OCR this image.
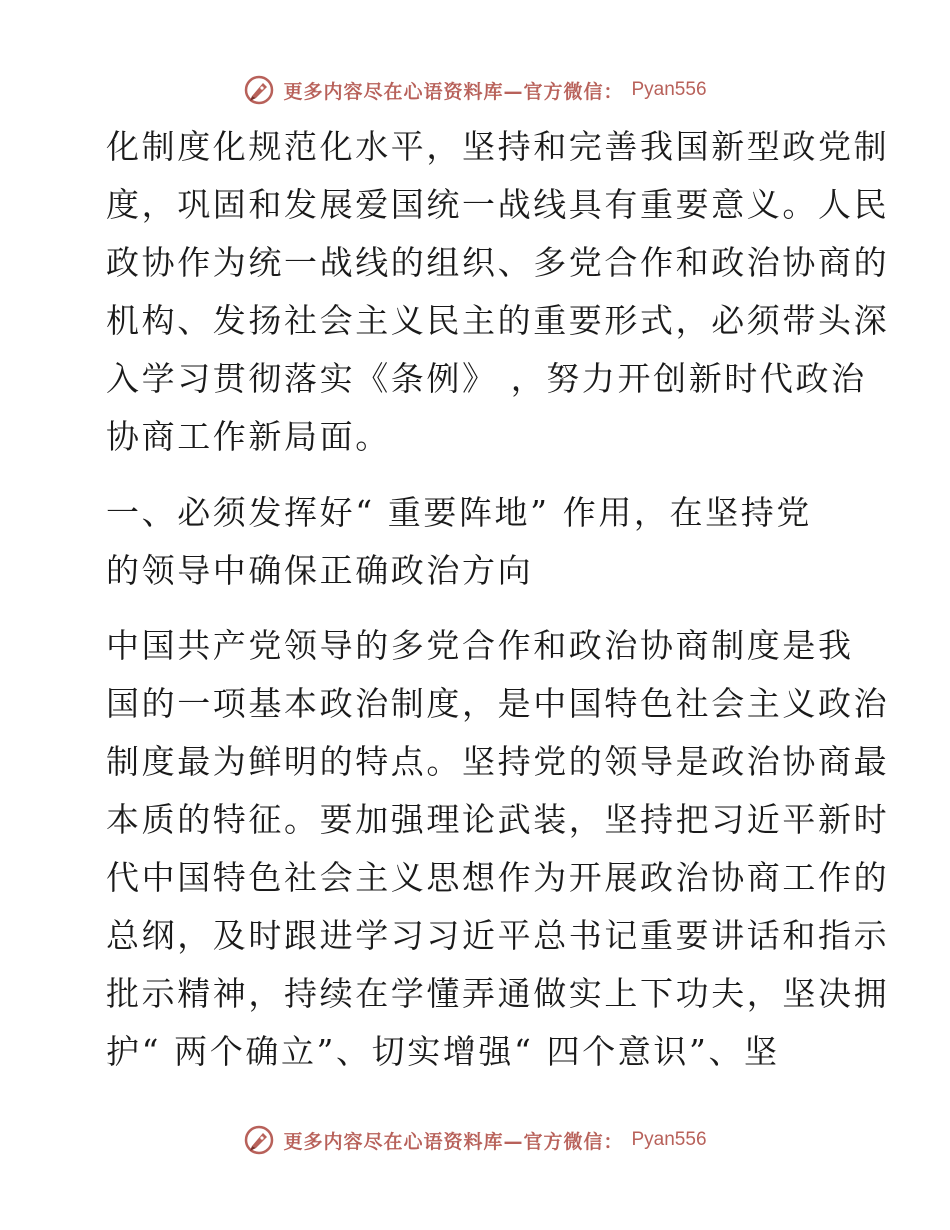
更多内容尽在心语资料库—官方微信： Pyan556
化制度化规范化水平，坚持和完善我国新型政党制
度，巩固和发展爱国统一战线具有重要意义。人民
政协作为统一战线的组织、多党合作和政治协商的
机构、发扬社会主义民主的重要形式，必须带头深
入学习贯彻落实《条例》 ，努力开创新时代政治
协商工作新局面。
一、必须发挥好“ 重要阵地” 作用，在坚持党
的领导中确保正确政治方向
中国共产党领导的多党合作和政治协商制度是我
国的一项基本政治制度，是中国特色社会主义政治
制度最为鲜明的特点。坚持党的领导是政治协商最
本质的特征。要加强理论武装，坚持把习近平新时
代中国特色社会主义思想作为开展政治协商工作的
总纲，及时跟进学习习近平总书记重要讲话和指示
批示精神，持续在学懂弄通做实上下功夫，坚决拥
护“ 两个确立”、切实增强“ 四个意识”、坚
更多内容尽在心语资料库—官方微信： Pyan556
